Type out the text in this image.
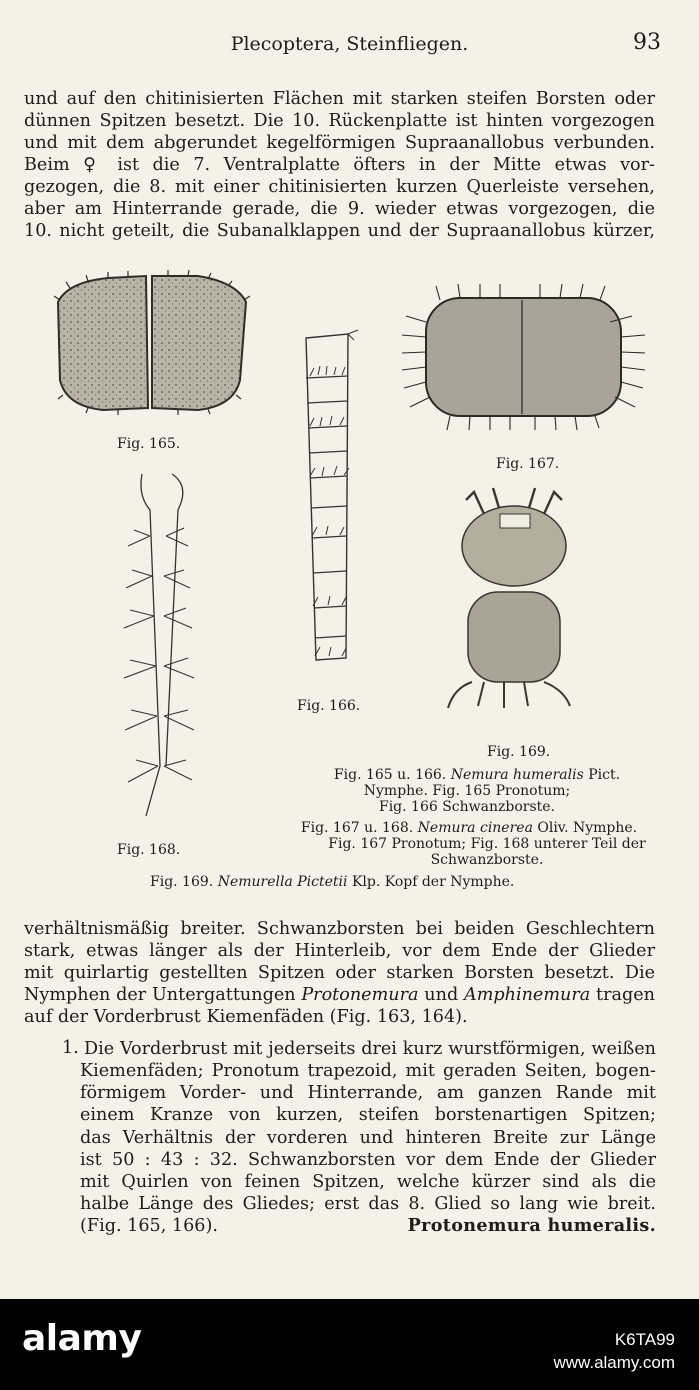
Plecoptera, Steinfliegen.	93
und auf den chitinisierten Flächen mit starken steifen Borsten oder
dünnen Spitzen besetzt. Die 10. Rückenplatte ist hinten vorgezogen
und mit dem abgerundet kegelförmigen Supraanallobus verbunden.
Beim ♀ ist die 7. Ventralplatte öfters in der Mitte etwas vor-
gezogen, die 8. mit einer chitinisierten kurzen Querleiste versehen,
aber am Hinterrande gerade, die 9. wieder etwas vorgezogen, die
10. nicht geteilt, die Subanalklappen und der Supraanallobus kürzer,
Fig. 165.
Fig. 166.
Fig. 167.
Fig. 168.
Fig. 169.
Fig. 165 u. 166. Nemura humeralis Pict.
Nymphe. Fig. 165 Pronotum;
Fig. 166 Schwanzborste.
Fig. 167 u. 168. Nemura cinerea Oliv. Nymphe.
Fig. 167 Pronotum; Fig. 168 unterer Teil der
Schwanzborste.
Fig. 169. Nemurella Pictetii Klp. Kopf der Nymphe.
verhältnismäßig breiter. Schwanzborsten bei beiden Geschlechtern
stark, etwas länger als der Hinterleib, vor dem Ende der Glieder
mit quirlartig gestellten Spitzen oder starken Borsten besetzt. Die
Nymphen der Untergattungen Protonemura und Amphinemura tragen
auf der Vorderbrust Kiemenfäden (Fig. 163, 164).
1. Die Vorderbrust mit jederseits drei kurz wurstförmigen, weißen
Kiemenfäden; Pronotum trapezoid, mit geraden Seiten, bogen-
förmigem Vorder- und Hinterrande, am ganzen Rande mit
einem Kranze von kurzen, steifen borstenartigen Spitzen;
das Verhältnis der vorderen und hinteren Breite zur Länge
ist 50 : 43 : 32. Schwanzborsten vor dem Ende der Glieder
mit Quirlen von feinen Spitzen, welche kürzer sind als die
halbe Länge des Gliedes; erst das 8. Glied so lang wie breit.
(Fig. 165, 166).	Protonemura humeralis.
alamy	K6TA99
www.alamy.com
